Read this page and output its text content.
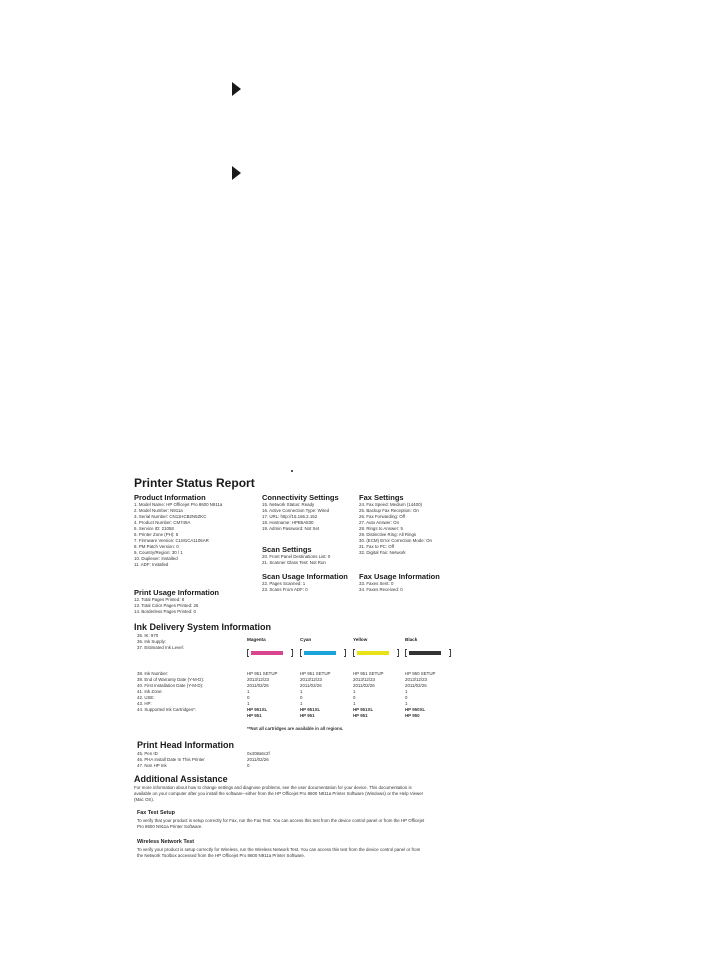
Printer Status Report
Product Information
1. Model Name: HP Officejet Pro 8600 N911a
2. Model Number: N911a
3. Serial Number: CN11HCB2N5ZKC
4. Product Number: CM749A
5. Service ID: 21058
6. Printer Zone (PH): 5
7. Firmware Version: CLM1CA1106AR
8. PM Patch Version: 0
9. Country/Region: 30 / 1
10. Duplexer: Installed
11. ADF: Installed
Print Usage Information
12. Total Pages Printed: 8
13. Total Color Pages Printed: 26
14. Borderless Pages Printed: 0
Connectivity Settings
15. Network Status: Ready
16. Active Connection Type: Wired
17. URL: http://15.166.2.152
18. Hostname: HPB5A830
19. Admin Password: Not Set
Scan Settings
20. Front Panel Destinations List: 0
21. Scanner Glass Test: Not Run
Scan Usage Information
22. Pages Scanned: 1
23. Scans From ADF: 0
Fax Settings
24. Fax Speed: Medium (14400)
25. Backup Fax Reception: On
26. Fax Forwarding: Off
27. Auto Answer: On
28. Rings to Answer: 5
29. Distinctive Ring: All Rings
30. (ECM) Error Correction Mode: On
31. Fax to PC: Off
32. Digital Fax: Network
Fax Usage Information
33. Faxes Sent: 0
34. Faxes Received: 0
Ink Delivery System Information
35. IK: 970
36. Ink Supply:
37. Estimated Ink Level:
38. Ink Number:
39. End of Warranty Date (Y-M-D):
40. First Installation Date (Y-M-D):
41. Ink Zone:
42. USE:
43. HP:
44. Supported Ink Cartridges*:
Magenta
HP 951 SETUP
2013/12/23
2011/02/26
1
0
1
HP 951XL
HP 951
Cyan
HP 951 SETUP
2013/12/23
2011/02/26
1
0
1
HP 951XL
HP 951
Yellow
HP 951 SETUP
2013/12/23
2011/02/26
1
0
1
HP 951XL
HP 951
Black
HP 950 SETUP
2013/12/23
2011/02/26
1
0
1
HP 950XL
HP 950
**Not all cartridges are available in all regions.
Print Head Information
45. Pen ID
46. PHA Install Date In This Printer
47. Non HP Ink
0x408a6c2f
2011/02/26
0
Additional Assistance
For more information about how to change settings and diagnose problems, see the user documentation for your device. This documentation is available on your computer after you install the software--either from the HP Officejet Pro 8600 N911a Printer Software (Windows) or the Help Viewer (Mac OS).
Fax Test Setup
To verify that your product is setup correctly for Fax, run the Fax Test. You can access this test from the device control panel or from the HP Officejet Pro 8600 N911a Printer Software.
Wireless Network Test
To verify your product is setup correctly for Wireless, run the Wireless Network Test. You can access this test from the device control panel or from the Network Toolbox accessed from the HP Officejet Pro 8600 N911a Printer Software.
